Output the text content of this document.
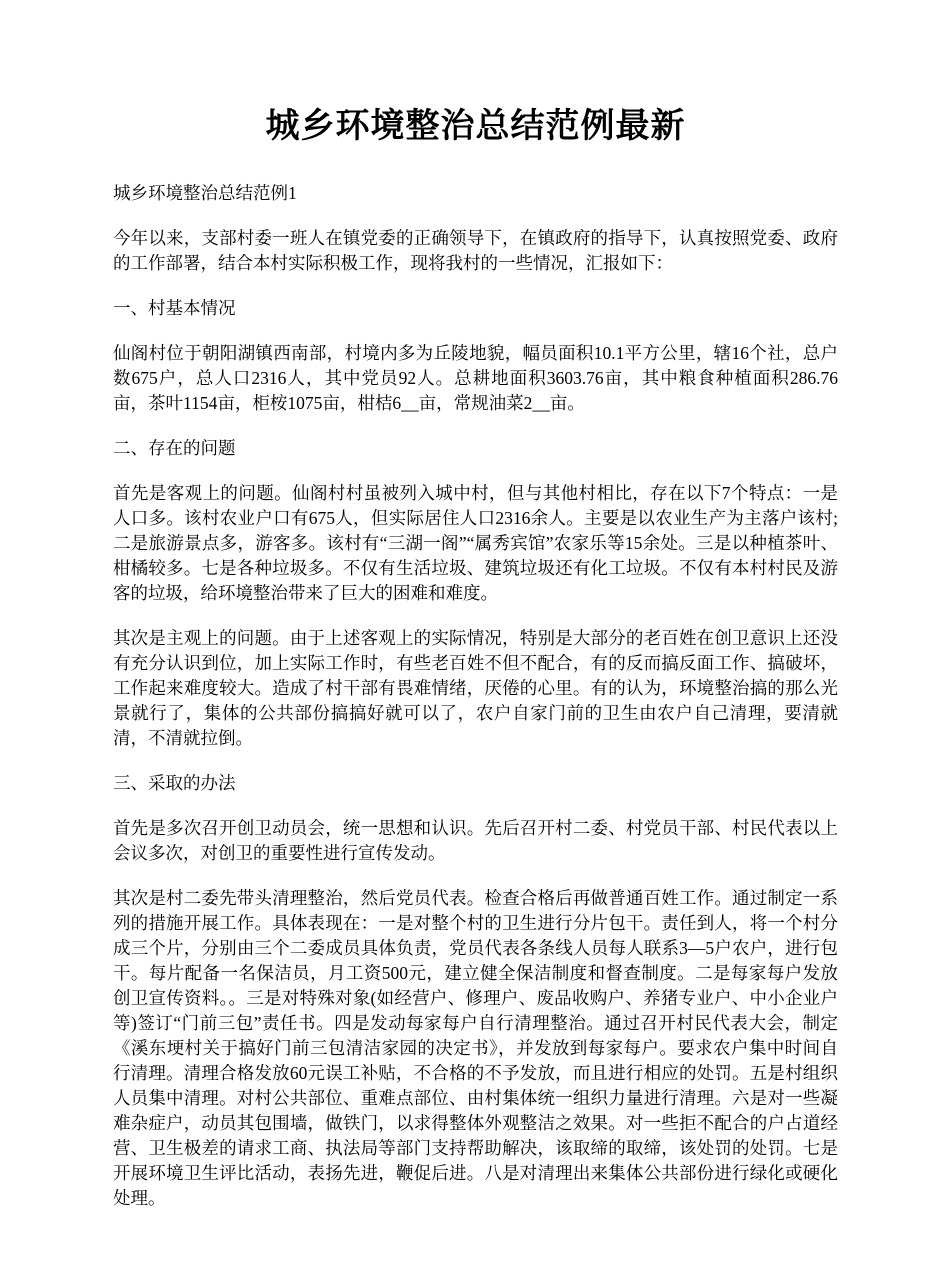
城乡环境整治总结范例最新

城乡环境整治总结范例1

今年以来，支部村委一班人在镇党委的正确领导下，在镇政府的指导下，认真按照党委、政府的工作部署，结合本村实际积极工作，现将我村的一些情况，汇报如下：

一、村基本情况

仙阁村位于朝阳湖镇西南部，村境内多为丘陵地貌，幅员面积10.1平方公里，辖16个社，总户数675户，总人口2316人，其中党员92人。总耕地面积3603.76亩，其中粮食种植面积286.76亩，茶叶1154亩，柜桉1075亩，柑桔6__亩，常规油菜2__亩。

二、存在的问题

首先是客观上的问题。仙阁村村虽被列入城中村，但与其他村相比，存在以下7个特点：一是人口多。该村农业户口有675人，但实际居住人口2316余人。主要是以农业生产为主落户该村;二是旅游景点多，游客多。该村有“三湖一阁”“属秀宾馆”农家乐等15余处。三是以种植茶叶、柑橘较多。七是各种垃圾多。不仅有生活垃圾、建筑垃圾还有化工垃圾。不仅有本村村民及游客的垃圾，给环境整治带来了巨大的困难和难度。

其次是主观上的问题。由于上述客观上的实际情况，特别是大部分的老百姓在创卫意识上还没有充分认识到位，加上实际工作时，有些老百姓不但不配合，有的反而搞反面工作、搞破坏，工作起来难度较大。造成了村干部有畏难情绪，厌倦的心里。有的认为，环境整治搞的那么光景就行了，集体的公共部份搞搞好就可以了，农户自家门前的卫生由农户自己清理，要清就清，不清就拉倒。

三、采取的办法

首先是多次召开创卫动员会，统一思想和认识。先后召开村二委、村党员干部、村民代表以上会议多次，对创卫的重要性进行宣传发动。

其次是村二委先带头清理整治，然后党员代表。检查合格后再做普通百姓工作。通过制定一系列的措施开展工作。具体表现在：一是对整个村的卫生进行分片包干。责任到人，将一个村分成三个片，分别由三个二委成员具体负责，党员代表各条线人员每人联系3—5户农户，进行包干。每片配备一名保洁员，月工资500元，建立健全保洁制度和督查制度。二是每家每户发放创卫宣传资料。。三是对特殊对象(如经营户、修理户、废品收购户、养猪专业户、中小企业户等)签订“门前三包”责任书。四是发动每家每户自行清理整治。通过召开村民代表大会，制定《溪东埂村关于搞好门前三包清洁家园的决定书》，并发放到每家每户。要求农户集中时间自行清理。清理合格发放60元误工补贴，不合格的不予发放，而且进行相应的处罚。五是村组织人员集中清理。对村公共部位、重难点部位、由村集体统一组织力量进行清理。六是对一些凝难杂症户，动员其包围墙，做铁门，以求得整体外观整洁之效果。对一些拒不配合的户占道经营、卫生极差的请求工商、执法局等部门支持帮助解决，该取缔的取缔，该处罚的处罚。七是开展环境卫生评比活动，表扬先进，鞭促后进。八是对清理出来集体公共部份进行绿化或硬化处理。
